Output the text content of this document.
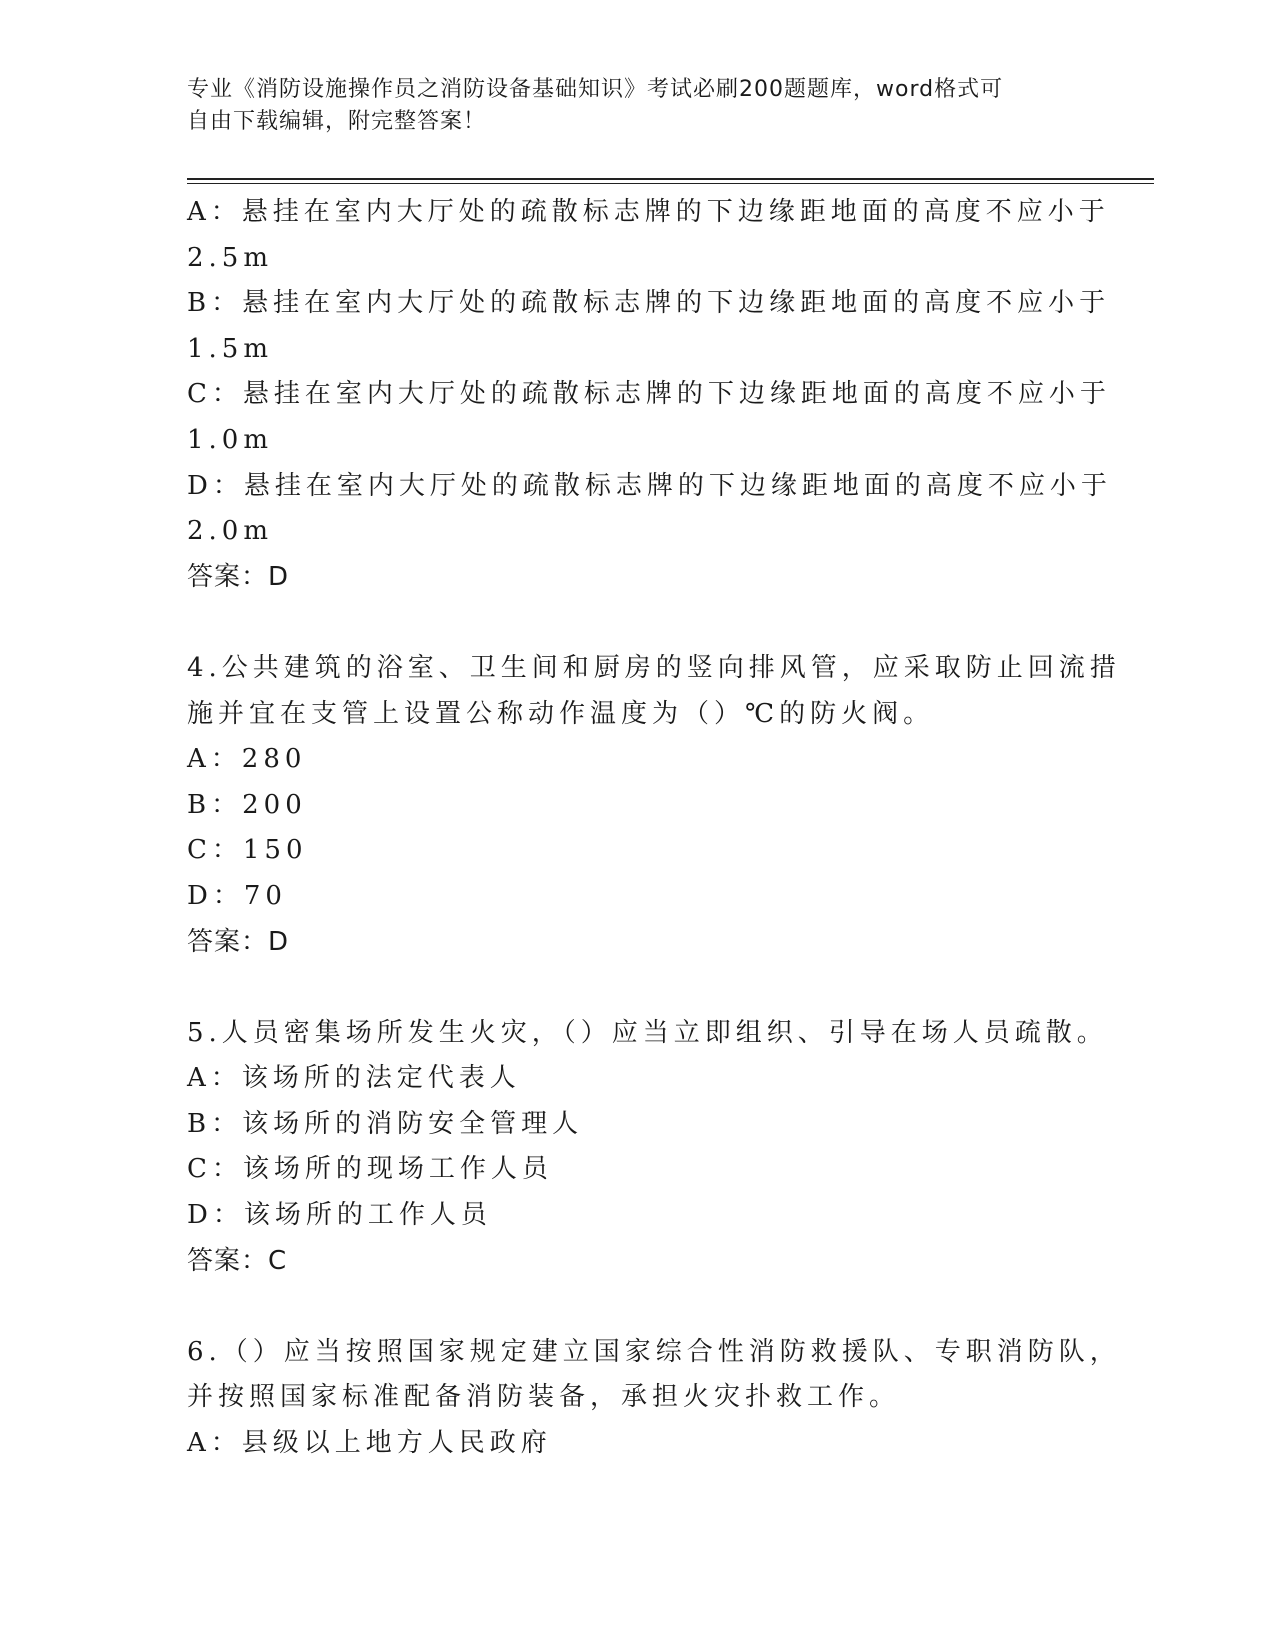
专业《消防设施操作员之消防设备基础知识》考试必刷200题题库，word格式可
自由下载编辑，附完整答案！
A：悬挂在室内大厅处的疏散标志牌的下边缘距地面的高度不应小于
2.5m
B：悬挂在室内大厅处的疏散标志牌的下边缘距地面的高度不应小于
1.5m
C：悬挂在室内大厅处的疏散标志牌的下边缘距地面的高度不应小于
1.0m
D：悬挂在室内大厅处的疏散标志牌的下边缘距地面的高度不应小于
2.0m
答案：D
4.公共建筑的浴室、卫生间和厨房的竖向排风管，应采取防止回流措
施并宜在支管上设置公称动作温度为（）℃的防火阀。
A：280
B：200
C：150
D：70
答案：D
5.人员密集场所发生火灾，（）应当立即组织、引导在场人员疏散。
A：该场所的法定代表人
B：该场所的消防安全管理人
C：该场所的现场工作人员
D：该场所的工作人员
答案：C
6.（）应当按照国家规定建立国家综合性消防救援队、专职消防队，
并按照国家标准配备消防装备，承担火灾扑救工作。
A：县级以上地方人民政府
